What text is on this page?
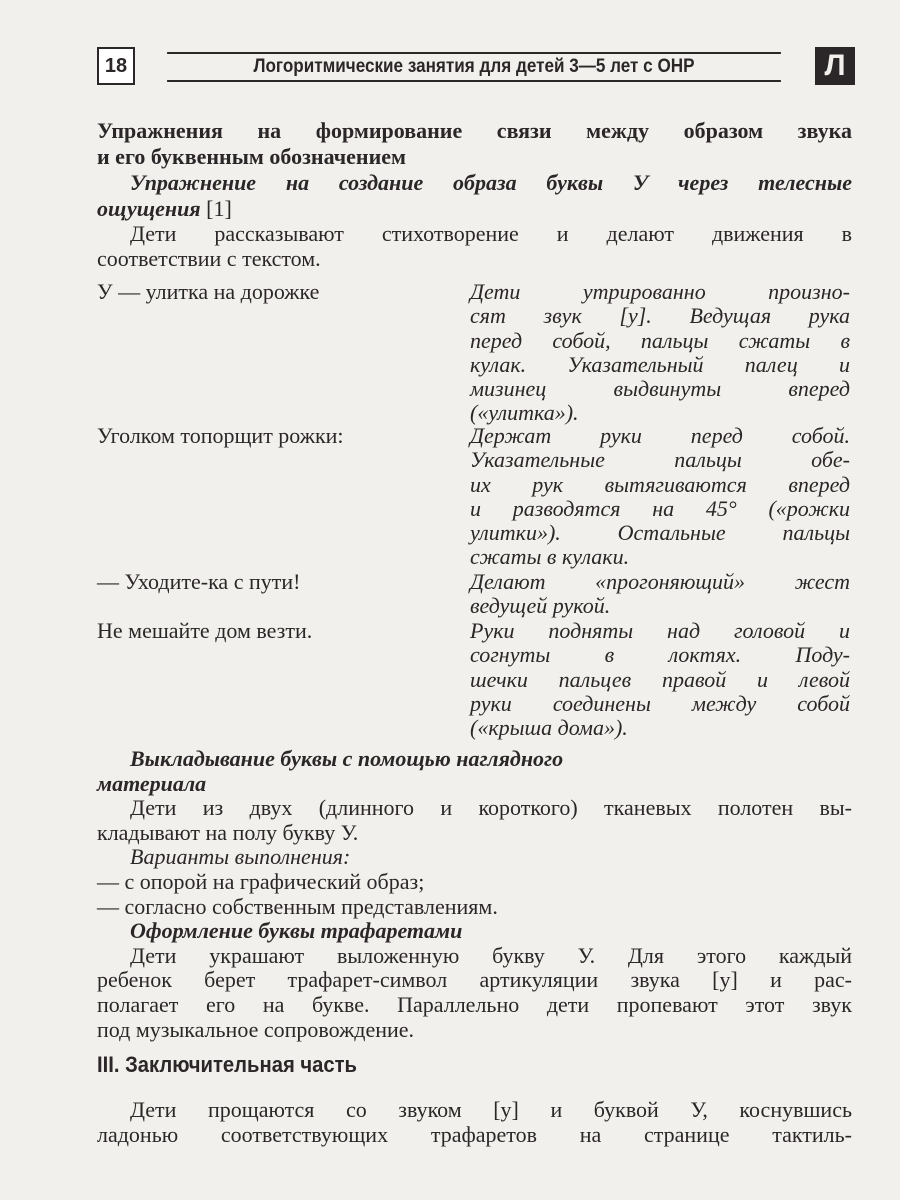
18	Логоритмические занятия для детей 3—5 лет с ОНР	Л
Упражнения на формирование связи между образом звука
и его буквенным обозначением
Упражнение на создание образа буквы У через телесные
ощущения [1]
Дети рассказывают стихотворение и делают движения в
соответствии с текстом.
У — улитка на дорожке	Дети утрированно произно-
сят звук [у]. Ведущая рука
перед собой, пальцы сжаты в
кулак. Указательный палец и
мизинец выдвинуты вперед
(«улитка»).
Уголком топорщит рожки:	Держат руки перед собой.
Указательные пальцы обе-
их рук вытягиваются вперед
и разводятся на 45° («рожки
улитки»). Остальные пальцы
сжаты в кулаки.
— Уходите-ка с пути!	Делают «прогоняющий» жест
ведущей рукой.
Не мешайте дом везти.	Руки подняты над головой и
согнуты в локтях. Поду-
шечки пальцев правой и левой
руки соединены между собой
(«крыша дома»).
Выкладывание буквы с помощью наглядного
материала
Дети из двух (длинного и короткого) тканевых полотен вы-
кладывают на полу букву У.
Варианты выполнения:
— с опорой на графический образ;
— согласно собственным представлениям.
Оформление буквы трафаретами
Дети украшают выложенную букву У. Для этого каждый
ребенок берет трафарет-символ артикуляции звука [у] и рас-
полагает его на букве. Параллельно дети пропевают этот звук
под музыкальное сопровождение.
III. Заключительная часть
Дети прощаются со звуком [у] и буквой У, коснувшись
ладонью соответствующих трафаретов на странице тактиль-
